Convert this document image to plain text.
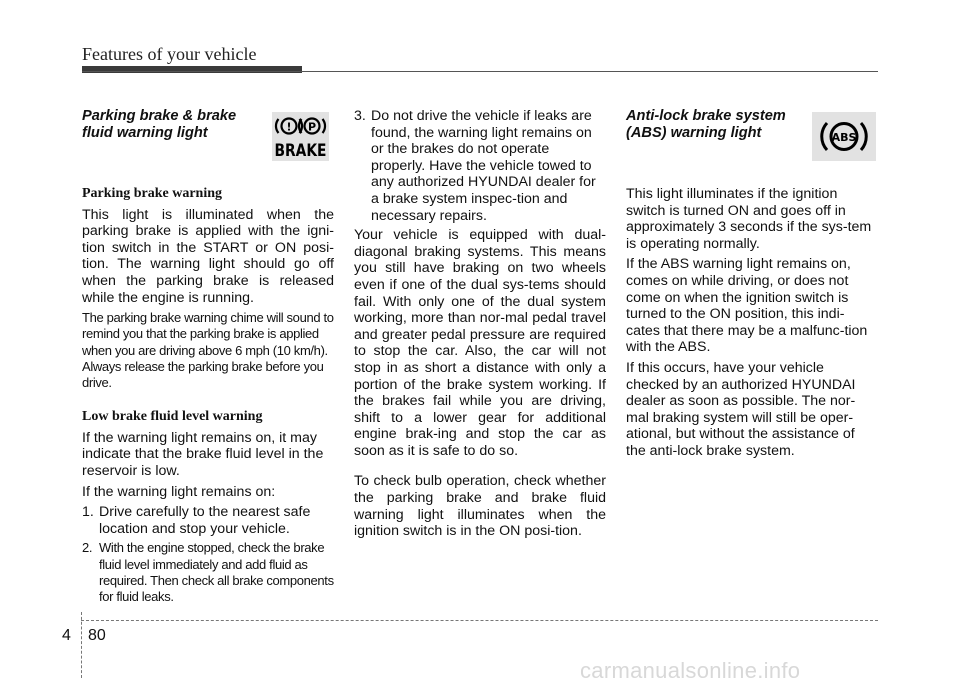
Features of your vehicle
! P
BRAKE
ABS

Parking brake & brake fluid warning light

Parking brake warning

This light is illuminated when the parking brake is applied with the igni-tion switch in the START or ON posi-tion. The warning light should go off when the parking brake is released while the engine is running.

The parking brake warning chime will sound to remind you that the parking brake is applied when you are driving above 6 mph (10 km/h). Always release the parking brake before you drive.

Low brake fluid level warning

If the warning light remains on, it may indicate that the brake fluid level in the reservoir is low.

If the warning light remains on:

1. Drive carefully to the nearest safe location and stop your vehicle.
2. With the engine stopped, check the brake fluid level immediately and add fluid as required. Then check all brake components for fluid leaks.
3. Do not drive the vehicle if leaks are found, the warning light remains on or the brakes do not operate properly. Have the vehicle towed to any authorized HYUNDAI dealer for a brake system inspec-tion and necessary repairs.

Your vehicle is equipped with dual-diagonal braking systems. This means you still have braking on two wheels even if one of the dual sys-tems should fail. With only one of the dual system working, more than nor-mal pedal travel and greater pedal pressure are required to stop the car. Also, the car will not stop in as short a distance with only a portion of the brake system working. If the brakes fail while you are driving, shift to a lower gear for additional engine brak-ing and stop the car as soon as it is safe to do so.

To check bulb operation, check whether the parking brake and brake fluid warning light illuminates when the ignition switch is in the ON posi-tion.

Anti-lock brake system (ABS) warning light

This light illuminates if the ignition switch is turned ON and goes off in approximately 3 seconds if the sys-tem is operating normally.

If the ABS warning light remains on, comes on while driving, or does not come on when the ignition switch is turned to the ON position, this indi-cates that there may be a malfunc-tion with the ABS.

If this occurs, have your vehicle checked by an authorized HYUNDAI dealer as soon as possible. The nor-mal braking system will still be oper-ational, but without the assistance of the anti-lock brake system.

4 80
carmanualsonline.info
